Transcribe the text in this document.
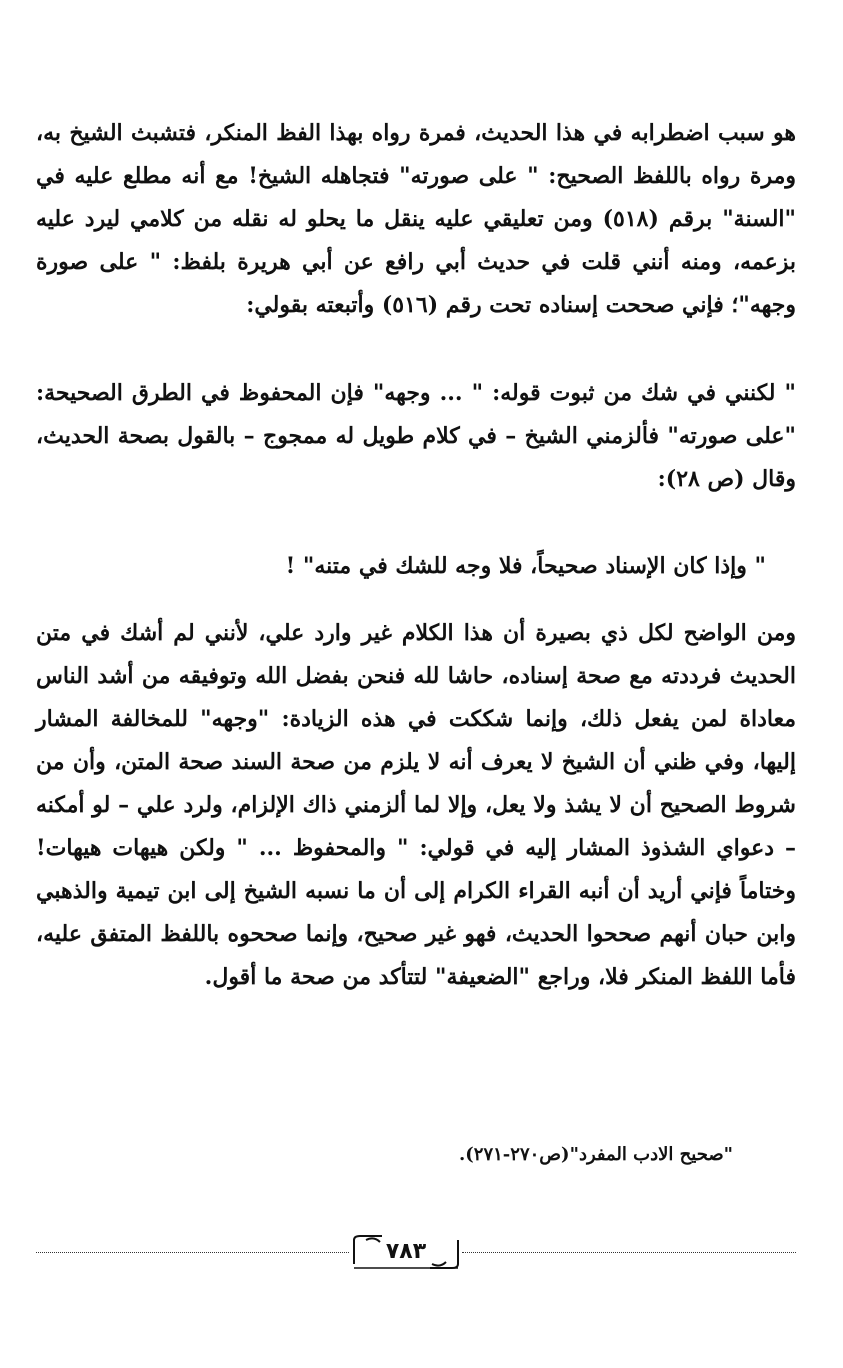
هو سبب اضطرابه في هذا الحديث، فمرة رواه بهذا الفظ المنكر، فتشبث الشيخ به، ومرة رواه باللفظ الصحيح: " على صورته" فتجاهله الشيخ! مع أنه مطلع عليه في "السنة" برقم (٥١٨) ومن تعليقي عليه ينقل ما يحلو له نقله من كلامي ليرد عليه بزعمه، ومنه أنني قلت في حديث أبي رافع عن أبي هريرة بلفظ: " على صورة وجهه"؛ فإني صححت إسناده تحت رقم (٥١٦) وأتبعته بقولي:
" لكنني في شك من ثبوت قوله: " ... وجهه" فإن المحفوظ في الطرق الصحيحة: "على صورته" فألزمني الشيخ – في كلام طويل له ممجوج – بالقول بصحة الحديث، وقال (ص ٢٨):
" وإذا كان الإسناد صحيحاً، فلا وجه للشك في متنه" !
ومن الواضح لكل ذي بصيرة أن هذا الكلام غير وارد علي، لأنني لم أشك في متن الحديث فرددته مع صحة إسناده، حاشا لله فنحن بفضل الله وتوفيقه من أشد الناس معاداة لمن يفعل ذلك، وإنما شككت في هذه الزيادة: "وجهه" للمخالفة المشار إليها، وفي ظني أن الشيخ لا يعرف أنه لا يلزم من صحة السند صحة المتن، وأن من شروط الصحيح أن لا يشذ ولا يعل، وإلا لما ألزمني ذاك الإلزام، ولرد علي – لو أمكنه – دعواي الشذوذ المشار إليه في قولي: " والمحفوظ ... " ولكن هيهات هيهات! وختاماً فإني أريد أن أنبه القراء الكرام إلى أن ما نسبه الشيخ إلى ابن تيمية والذهبي وابن حبان أنهم صححوا الحديث، فهو غير صحيح، وإنما صححوه باللفظ المتفق عليه، فأما اللفظ المنكر فلا، وراجع "الضعيفة" لتتأكد من صحة ما أقول.
"صحيح الادب المفرد"(ص٢٧٠-٢٧١).
٧٨٣
